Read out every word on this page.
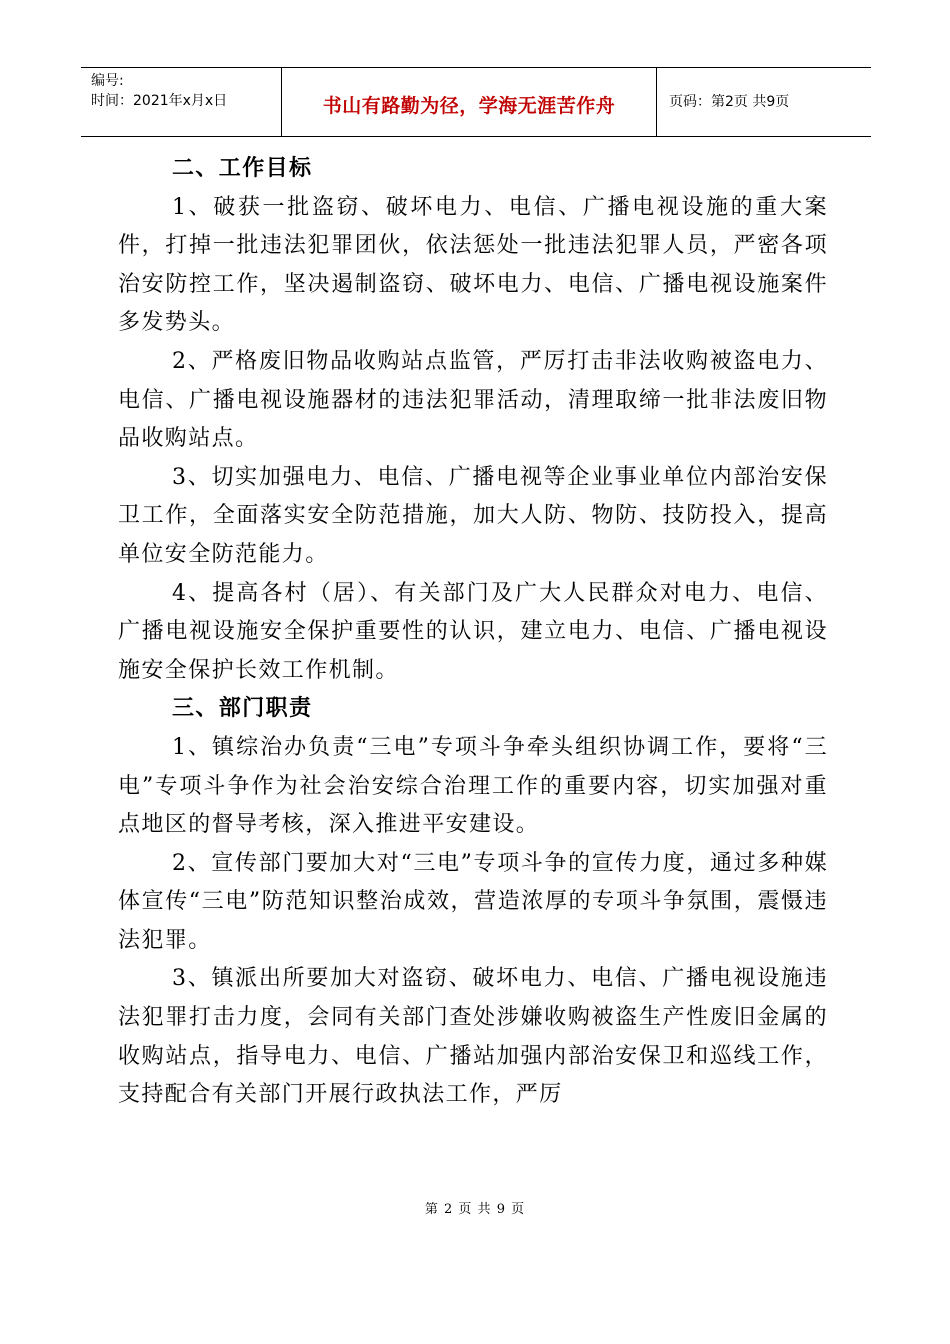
编号:
时间：2021年x月x日	书山有路勤为径，学海无涯苦作舟	页码：第2页 共9页

二、工作目标

1、破获一批盗窃、破坏电力、电信、广播电视设施的重大案件，打掉一批违法犯罪团伙，依法惩处一批违法犯罪人员，严密各项治安防控工作，坚决遏制盗窃、破坏电力、电信、广播电视设施案件多发势头。

2、严格废旧物品收购站点监管，严厉打击非法收购被盗电力、电信、广播电视设施器材的违法犯罪活动，清理取缔一批非法废旧物品收购站点。

3、切实加强电力、电信、广播电视等企业事业单位内部治安保卫工作，全面落实安全防范措施，加大人防、物防、技防投入，提高单位安全防范能力。

4、提高各村（居）、有关部门及广大人民群众对电力、电信、广播电视设施安全保护重要性的认识，建立电力、电信、广播电视设施安全保护长效工作机制。

三、部门职责

1、镇综治办负责“三电”专项斗争牵头组织协调工作，要将“三电”专项斗争作为社会治安综合治理工作的重要内容，切实加强对重点地区的督导考核，深入推进平安建设。

2、宣传部门要加大对“三电”专项斗争的宣传力度，通过多种媒体宣传“三电”防范知识整治成效，营造浓厚的专项斗争氛围，震慑违法犯罪。

3、镇派出所要加大对盗窃、破坏电力、电信、广播电视设施违法犯罪打击力度，会同有关部门查处涉嫌收购被盗生产性废旧金属的收购站点，指导电力、电信、广播站加强内部治安保卫和巡线工作，支持配合有关部门开展行政执法工作，严厉

第 2 页 共 9 页
